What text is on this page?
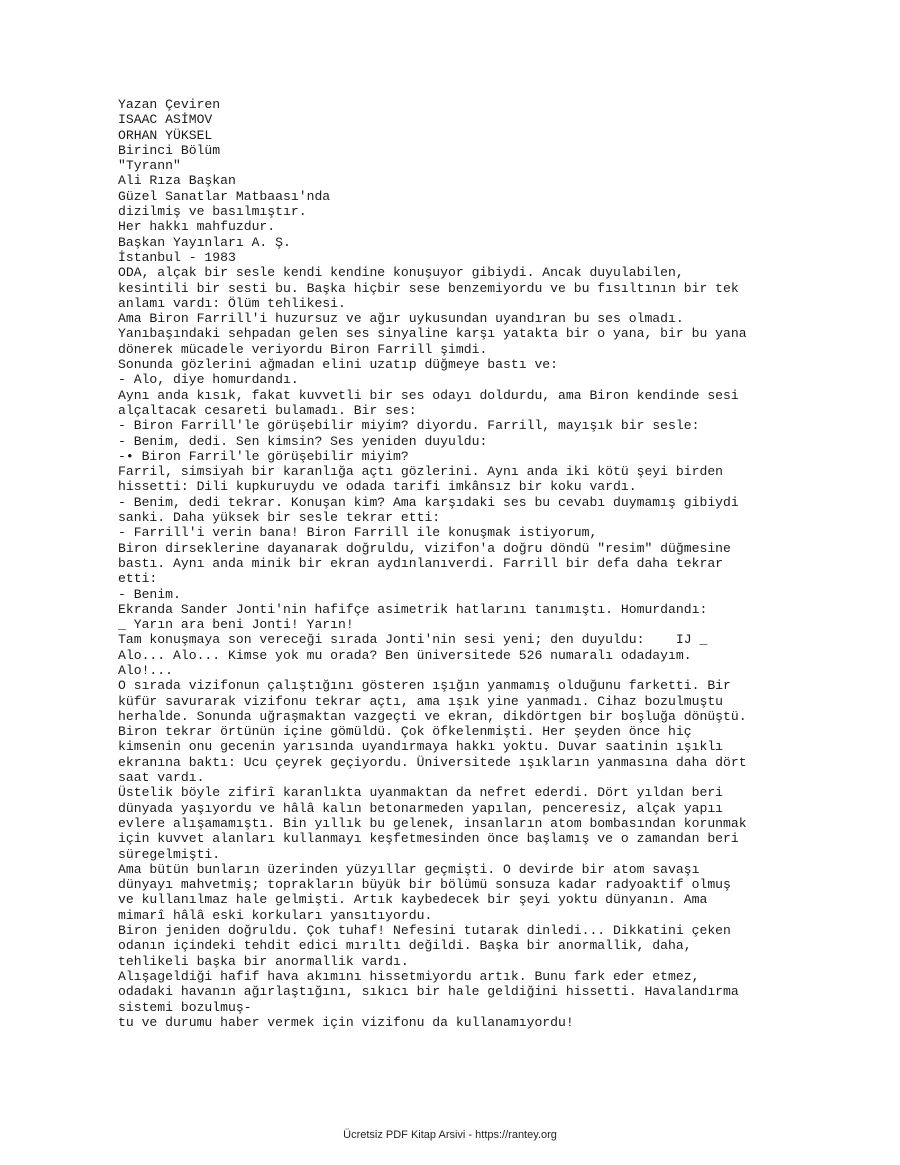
Yazan Çeviren
ISAAC ASİMOV
ORHAN YÜKSEL
Birinci Bölüm
"Tyrann"
Ali Rıza Başkan
Güzel Sanatlar Matbaası'nda
dizilmiş ve basılmıştır.
Her hakkı mahfuzdur.
Başkan Yayınları A. Ş.
İstanbul - 1983
ODA, alçak bir sesle kendi kendine konuşuyor gibiydi. Ancak duyulabilen,
kesintili bir sesti bu. Başka hiçbir sese benzemiyordu ve bu fısıltının bir tek
anlamı vardı: Ölüm tehlikesi.
Ama Biron Farrill'i huzursuz ve ağır uykusundan uyandıran bu ses olmadı.
Yanıbaşındaki sehpadan gelen ses sinyaline karşı yatakta bir o yana, bir bu yana
dönerek mücadele veriyordu Biron Farrill şimdi.
Sonunda gözlerini ağmadan elini uzatıp düğmeye bastı ve:
- Alo, diye homurdandı.
Aynı anda kısık, fakat kuvvetli bir ses odayı doldurdu, ama Biron kendinde sesi
alçaltacak cesareti bulamadı. Bir ses:
- Biron Farrill'le görüşebilir miyim? diyordu. Farrill, mayışık bir sesle:
- Benim, dedi. Sen kimsin? Ses yeniden duyuldu:
-• Biron Farril'le görüşebilir miyim?
Farril, simsiyah bir karanlığa açtı gözlerini. Aynı anda iki kötü şeyi birden
hissetti: Dili kupkuruydu ve odada tarifi imkânsız bir koku vardı.
- Benim, dedi tekrar. Konuşan kim? Ama karşıdaki ses bu cevabı duymamış gibiydi
sanki. Daha yüksek bir sesle tekrar etti:
- Farrill'i verin bana! Biron Farrill ile konuşmak istiyorum,
Biron dirseklerine dayanarak doğruldu, vizifon'a doğru döndü "resim" düğmesine
bastı. Aynı anda minik bir ekran aydınlanıverdi. Farrill bir defa daha tekrar
etti:
- Benim.
Ekranda Sander Jonti'nin hafifçe asimetrik hatlarını tanımıştı. Homurdandı:
_ Yarın ara beni Jonti! Yarın!
Tam konuşmaya son vereceği sırada Jonti'nin sesi yeni; den duyuldu:    IJ _
Alo... Alo... Kimse yok mu orada? Ben üniversitede 526 numaralı odadayım.
Alo!...
O sırada vizifonun çalıştığını gösteren ışığın yanmamış olduğunu farketti. Bir
küfür savurarak vizifonu tekrar açtı, ama ışık yine yanmadı. Cihaz bozulmuştu
herhalde. Sonunda uğraşmaktan vazgeçti ve ekran, dikdörtgen bir boşluğa dönüştü.
Biron tekrar örtünün içine gömüldü. Çok öfkelenmişti. Her şeyden önce hiç
kimsenin onu gecenin yarısında uyandırmaya hakkı yoktu. Duvar saatinin ışıklı
ekranına baktı: Ucu çeyrek geçiyordu. Üniversitede ışıkların yanmasına daha dört
saat vardı.
Üstelik böyle zifirî karanlıkta uyanmaktan da nefret ederdi. Dört yıldan beri
dünyada yaşıyordu ve hâlâ kalın betonarmeden yapılan, penceresiz, alçak yapıı
evlere alışamamıştı. Bin yıllık bu gelenek, insanların atom bombasından korunmak
için kuvvet alanları kullanmayı keşfetmesinden önce başlamış ve o zamandan beri
süregelmişti.
Ama bütün bunların üzerinden yüzyıllar geçmişti. O devirde bir atom savaşı
dünyayı mahvetmiş; toprakların büyük bir bölümü sonsuza kadar radyoaktif olmuş
ve kullanılmaz hale gelmişti. Artık kaybedecek bir şeyi yoktu dünyanın. Ama
mimarî hâlâ eski korkuları yansıtıyordu.
Biron jeniden doğruldu. Çok tuhaf! Nefesini tutarak dinledi... Dikkatini çeken
odanın içindeki tehdit edici mırıltı değildi. Başka bir anormallik, daha,
tehlikeli başka bir anormallik vardı.
Alışageldiği hafif hava akımını hissetmiyordu artık. Bunu fark eder etmez,
odadaki havanın ağırlaştığını, sıkıcı bir hale geldiğini hissetti. Havalandırma
sistemi bozulmuş-
tu ve durumu haber vermek için vizifonu da kullanamıyordu!
Ücretsiz PDF Kitap Arsivi - https://rantey.org
